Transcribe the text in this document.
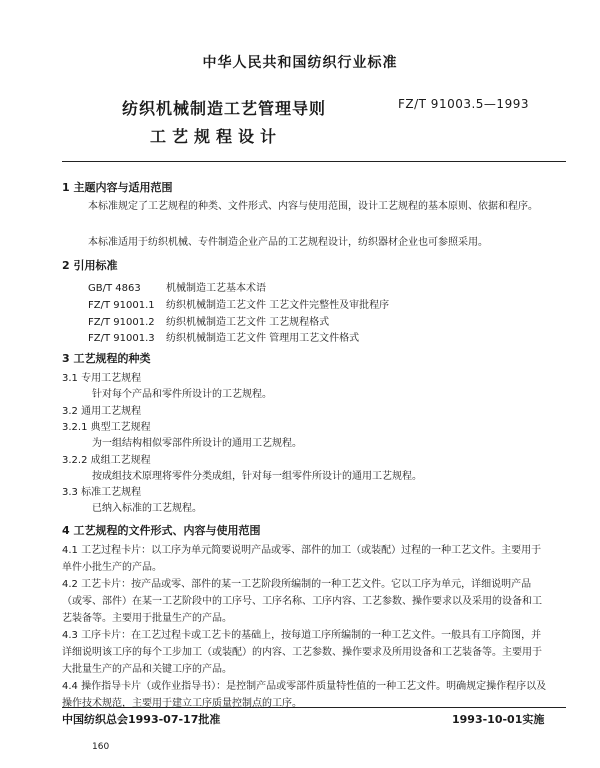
中华人民共和国纺织行业标准
纺织机械制造工艺管理导则	FZ/T 91003.5—1993
工艺规程设计
1 主题内容与适用范围
本标准规定了工艺规程的种类、文件形式、内容与使用范围，设计工艺规程的基本原则、依据和程序。
本标准适用于纺织机械、专件制造企业产品的工艺规程设计，纺织器材企业也可参照采用。
2 引用标准
GB/T 4863	机械制造工艺基本术语
FZ/T 91001.1 纺织机械制造工艺文件 工艺文件完整性及审批程序
FZ/T 91001.2 纺织机械制造工艺文件 工艺规程格式
FZ/T 91001.3 纺织机械制造工艺文件 管理用工艺文件格式
3 工艺规程的种类
3.1 专用工艺规程
针对每个产品和零件所设计的工艺规程。
3.2 通用工艺规程
3.2.1 典型工艺规程
为一组结构相似零部件所设计的通用工艺规程。
3.2.2 成组工艺规程
按成组技术原理将零件分类成组，针对每一组零件所设计的通用工艺规程。
3.3 标准工艺规程
已纳入标准的工艺规程。
4 工艺规程的文件形式、内容与使用范围
4.1 工艺过程卡片：以工序为单元简要说明产品或零、部件的加工（或装配）过程的一种工艺文件。主要用于单件小批生产的产品。
4.2 工艺卡片：按产品或零、部件的某一工艺阶段所编制的一种工艺文件。它以工序为单元，详细说明产品（或零、部件）在某一工艺阶段中的工序号、工序名称、工序内容、工艺参数、操作要求以及采用的设备和工艺装备等。主要用于批量生产的产品。
4.3 工序卡片：在工艺过程卡或工艺卡的基础上，按每道工序所编制的一种工艺文件。一般具有工序简图，并详细说明该工序的每个工步加工（或装配）的内容、工艺参数、操作要求及所用设备和工艺装备等。主要用于大批量生产的产品和关键工序的产品。
4.4 操作指导卡片（或作业指导书）：是控制产品或零部件质量特性值的一种工艺文件。明确规定操作程序以及操作技术规范，主要用于建立工序质量控制点的工序。
中国纺织总会1993-07-17批准	1993-10-01实施
160
